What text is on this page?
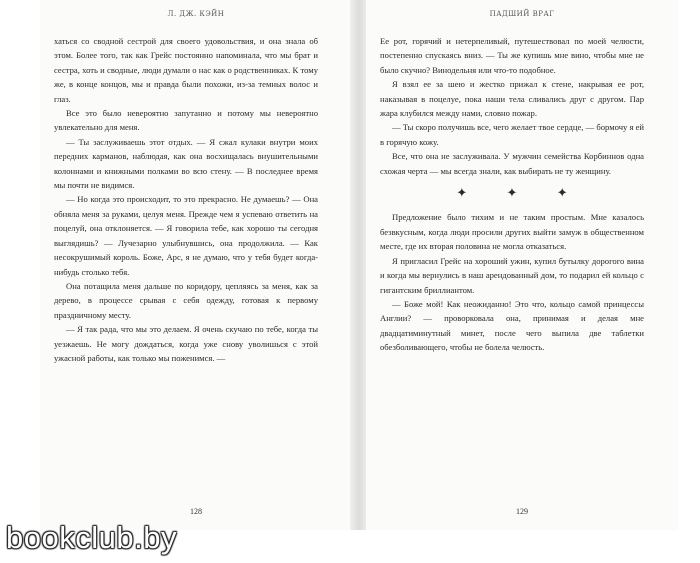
Л. ДЖ. КЭЙН

хаться со сводной сестрой для своего удовольствия, и она знала об этом. Более того, так как Грейс постоянно напоминала, что мы брат и сестра, хоть и сводные, люди думали о нас как о родственниках. К тому же, в конце концов, мы и правда были похожи, из-за темных волос и глаз.

Все это было невероятно запутанно и потому мы невероятно увлекательно для меня.

— Ты заслуживаешь этот отдых. — Я сжал кулаки внутри моих передних карманов, наблюдая, как она восхищалась внушительными колоннами и книжными полками во всю стену. — В последнее время мы почти не видимся.

— Но когда это происходит, то это прекрасно. Не думаешь? — Она обняла меня за руками, целуя меня. Прежде чем я успеваю ответить на поцелуй, она отклоняется. — Я говорила тебе, как хорошо ты сегодня выглядишь? — Лучезарно улыбнувшись, она продолжила. — Как несокрушимый король. Боже, Арс, я не думаю, что у тебя будет когда-нибудь столько тебя.

Она потащила меня дальше по коридору, цепляясь за меня, как за дерево, в процессе срывая с себя одежду, готовая к первому праздничному месту.

— Я так рада, что мы это делаем. Я очень скучаю по тебе, когда ты уезжаешь. Не могу дождаться, когда уже снову уволишься с этой ужасной работы, как только мы поженимся. —

128
ПАДШИЙ ВРАГ

Ее рот, горячий и нетерпеливый, путешествовал по моей челюсти, постепенно спускаясь вниз. — Ты же купишь мне вино, чтобы мне не было скучно? Винодельня или что-то подобное.

Я взял ее за шею и жестко прижал к стене, накрывая ее рот, наказывая в поцелуе, пока наши тела сливались друг с другом. Пар жара клубился между нами, словно пожар.

— Ты скоро получишь все, чего желает твое сердце, — бормочу я ей в горячую кожу.

Все, что она не заслуживала. У мужчин семейства Корбиннов одна схожая черта — мы всегда знали, как выбирать не ту женщину.

✦ ✦ ✦

Предложение было тихим и не таким простым. Мне казалось безвкусным, когда люди просили других выйти замуж в общественном месте, где их вторая половина не могла отказаться.

Я пригласил Грейс на хороший ужин, купил бутылку дорогого вина и когда мы вернулись в наш арендованный дом, то подарил ей кольцо с гигантским бриллиантом.

— Боже мой! Как неожиданно! Это что, кольцо самой принцессы Англии? — проворковала она, принимая и делая мне двадцатиминутный минет, после чего выпила две таблетки обезболивающего, чтобы не болела челюсть.

129
bookclub.by
